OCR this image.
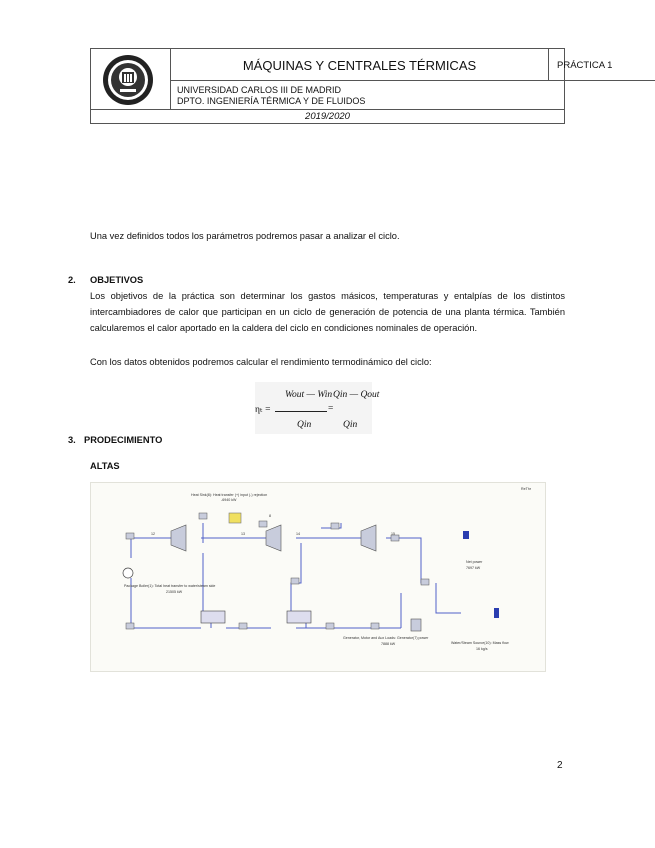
MÁQUINAS Y CENTRALES TÉRMICAS	PRÁCTICA 1
UNIVERSIDAD CARLOS III DE MADRID
DPTO. INGENIERÍA TÉRMICA Y DE FLUIDOS
2019/2020
Una vez definidos todos los parámetros podremos pasar a analizar el ciclo.
2. OBJETIVOS
Los objetivos de la práctica son determinar los gastos másicos, temperaturas y entalpías de los distintos intercambiadores de calor que participan en un ciclo de generación de potencia de una planta térmica. También calcularemos el calor aportado en la caldera del ciclo en condiciones nominales de operación.
Con los datos obtenidos podremos calcular el rendimiento termodinámico del ciclo:
Wout — Win Qin — Qout
ηₜ =	=
Qin	Qin
3. PRODECIMIENTO
ALTAS
Heat Sink(8): Heat transfer (+) input (-) rejection
-6940 kW
Package Boiler(1): Total heat transfer to water/steam side
21505 kW
Net power
7697 kW
Generator, Motor and Aux Loads: Generator(7) power
7888 kW	Water/Steam Source(10): Mass flow
16 kg/s
12	13	14	15
8
ReThr
2
